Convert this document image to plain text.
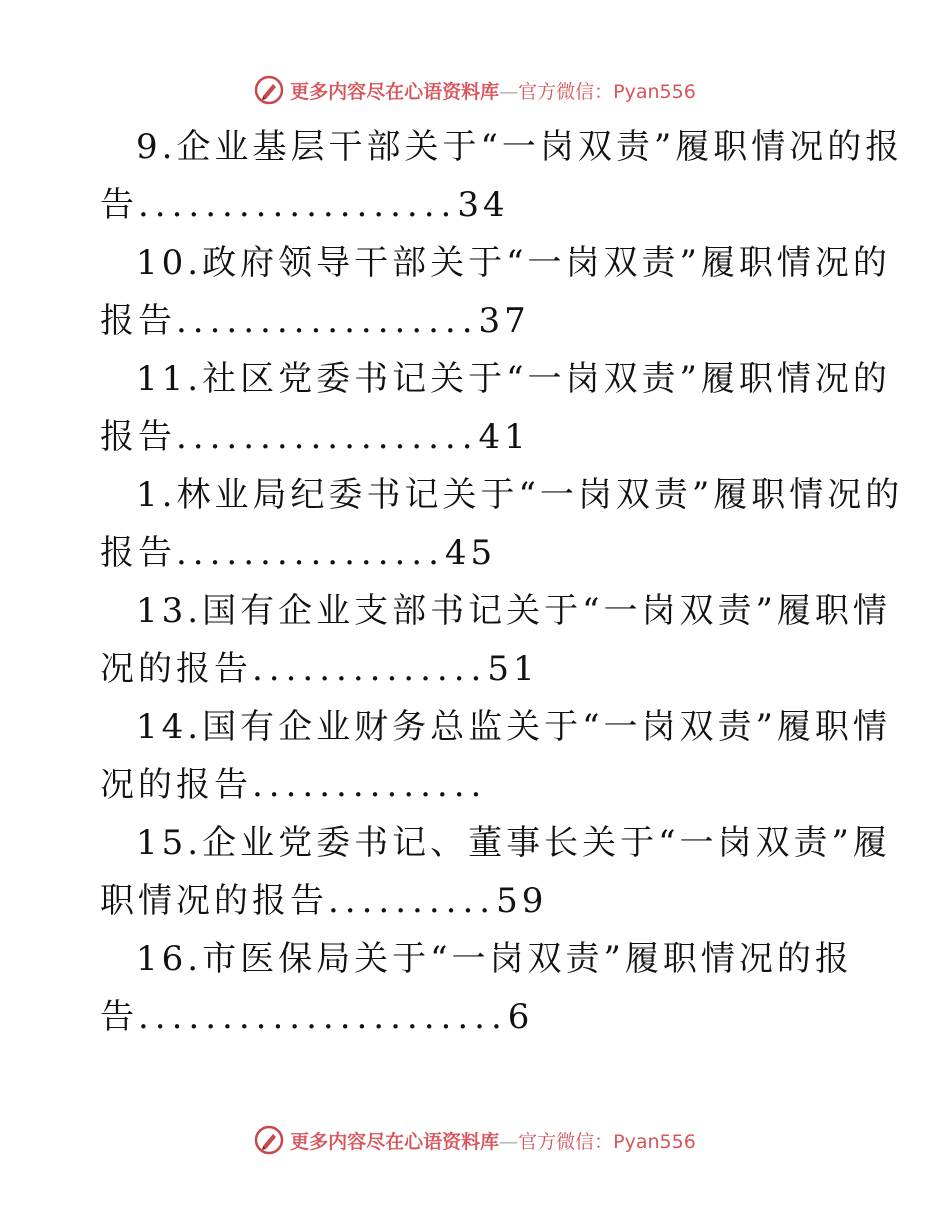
更多内容尽在心语资料库—官方微信：Pyan556
9.企业基层干部关于“一岗双责”履职情况的报
告...................34
10.政府领导干部关于“一岗双责”履职情况的
报告..................37
11.社区党委书记关于“一岗双责”履职情况的
报告..................41
1.林业局纪委书记关于“一岗双责”履职情况的
报告................45
13.国有企业支部书记关于“一岗双责”履职情
况的报告..............51
14.国有企业财务总监关于“一岗双责”履职情
况的报告..............
15.企业党委书记、董事长关于“一岗双责”履
职情况的报告..........59
16.市医保局关于“一岗双责”履职情况的报
告......................6
更多内容尽在心语资料库—官方微信：Pyan556
